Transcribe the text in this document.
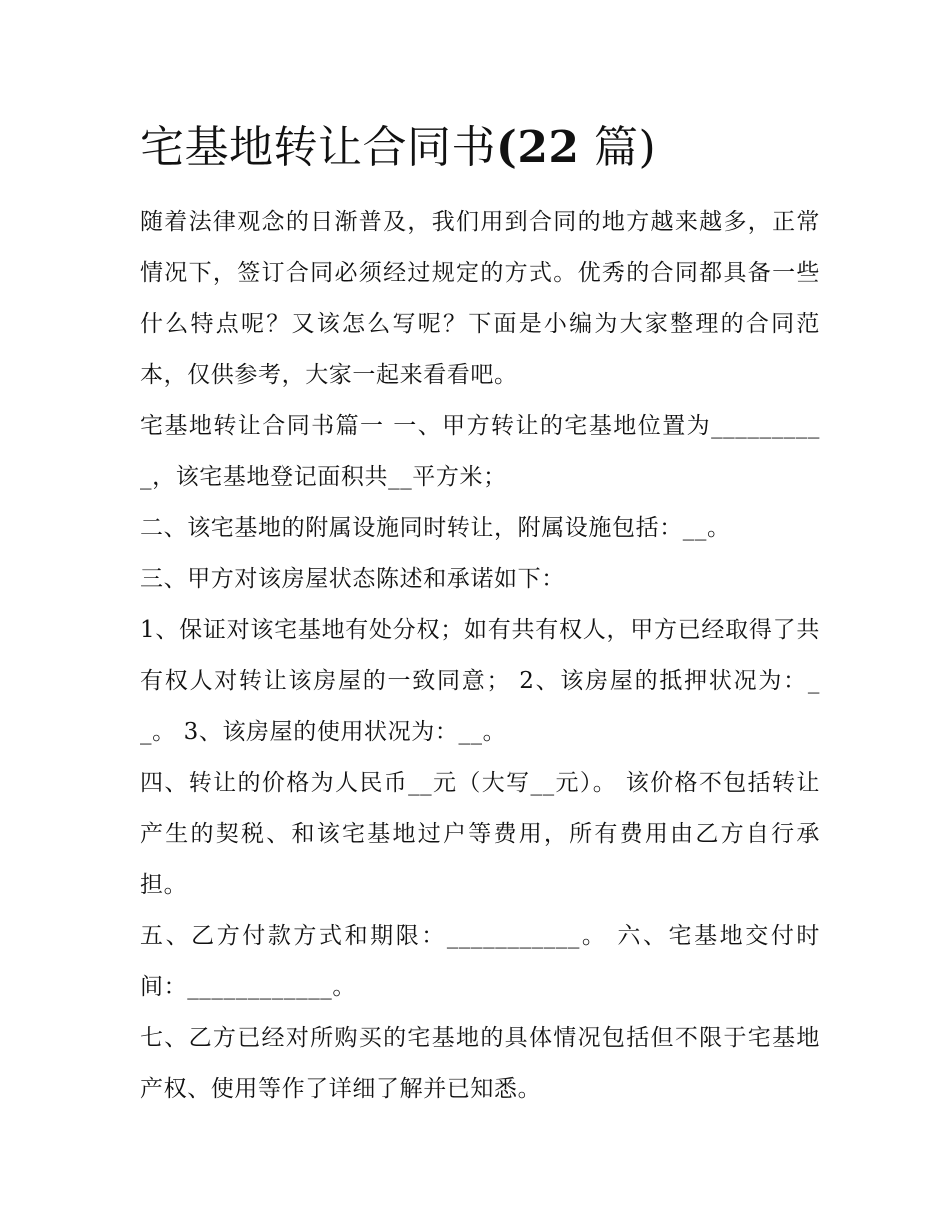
宅基地转让合同书(22 篇)

随着法律观念的日渐普及，我们用到合同的地方越来越多，正常情况下，签订合同必须经过规定的方式。优秀的合同都具备一些什么特点呢？又该怎么写呢？下面是小编为大家整理的合同范本，仅供参考，大家一起来看看吧。

宅基地转让合同书篇一 一、甲方转让的宅基地位置为__________，该宅基地登记面积共__平方米；

二、该宅基地的附属设施同时转让，附属设施包括：__。

三、甲方对该房屋状态陈述和承诺如下：

1、保证对该宅基地有处分权；如有共有权人，甲方已经取得了共有权人对转让该房屋的一致同意； 2、该房屋的抵押状况为：__。 3、该房屋的使用状况为：__。

四、转让的价格为人民币__元（大写__元）。 该价格不包括转让产生的契税、和该宅基地过户等费用，所有费用由乙方自行承担。

五、乙方付款方式和期限：___________。 六、宅基地交付时间：____________。

七、乙方已经对所购买的宅基地的具体情况包括但不限于宅基地产权、使用等作了详细了解并已知悉。
